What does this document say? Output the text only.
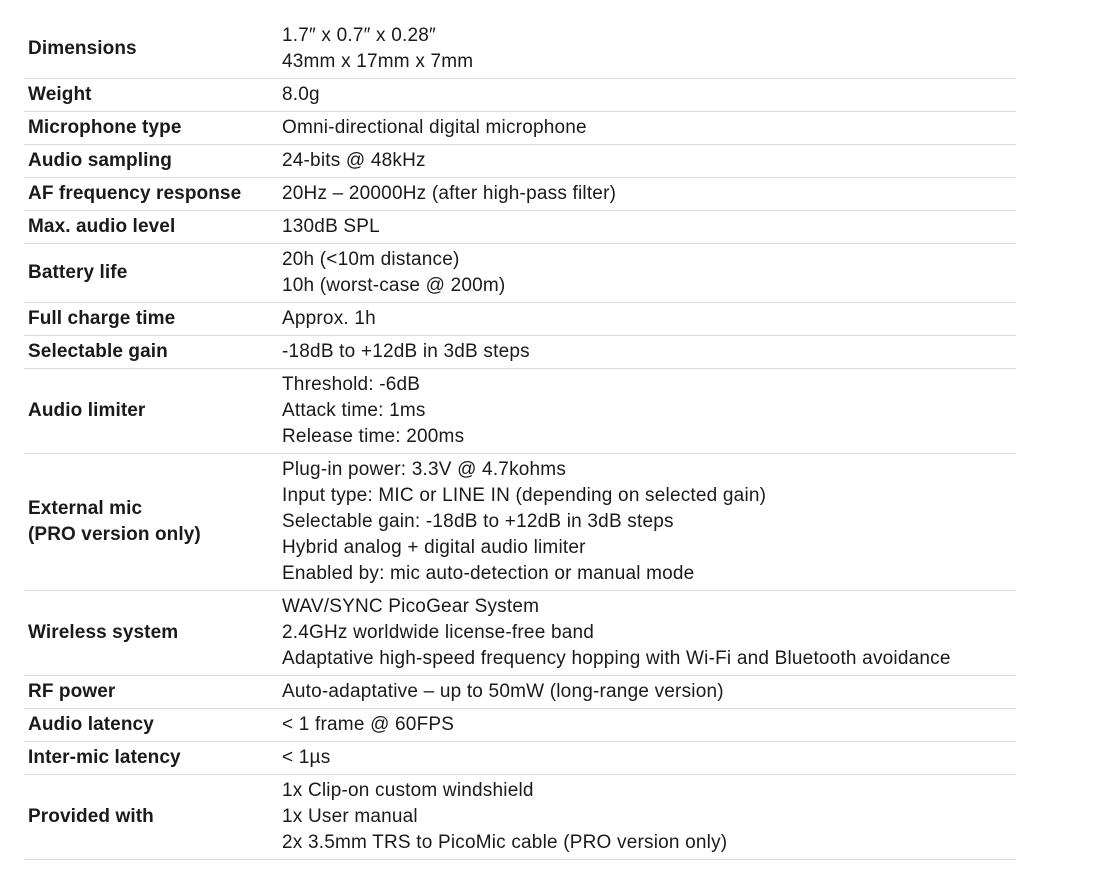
Dimensions	1.7″ x 0.7″ x 0.28″
43mm x 17mm x 7mm

Weight	8.0g

Microphone type	Omni-directional digital microphone

Audio sampling	24-bits @ 48kHz

AF frequency response	20Hz – 20000Hz (after high-pass filter)

Max. audio level	130dB SPL

Battery life	20h (<10m distance)
10h (worst-case @ 200m)

Full charge time	Approx. 1h

Selectable gain	-18dB to +12dB in 3dB steps

Audio limiter	Threshold: -6dB
Attack time: 1ms
Release time: 200ms

External mic
(PRO version only)	Plug-in power: 3.3V @ 4.7kohms
Input type: MIC or LINE IN (depending on selected gain)
Selectable gain: -18dB to +12dB in 3dB steps
Hybrid analog + digital audio limiter
Enabled by: mic auto-detection or manual mode

Wireless system	WAV/SYNC PicoGear System
2.4GHz worldwide license-free band
Adaptative high-speed frequency hopping with Wi-Fi and Bluetooth avoidance

RF power	Auto-adaptative – up to 50mW (long-range version)

Audio latency	< 1 frame @ 60FPS

Inter-mic latency	< 1µs

Provided with	1x Clip-on custom windshield
1x User manual
2x 3.5mm TRS to PicoMic cable (PRO version only)
